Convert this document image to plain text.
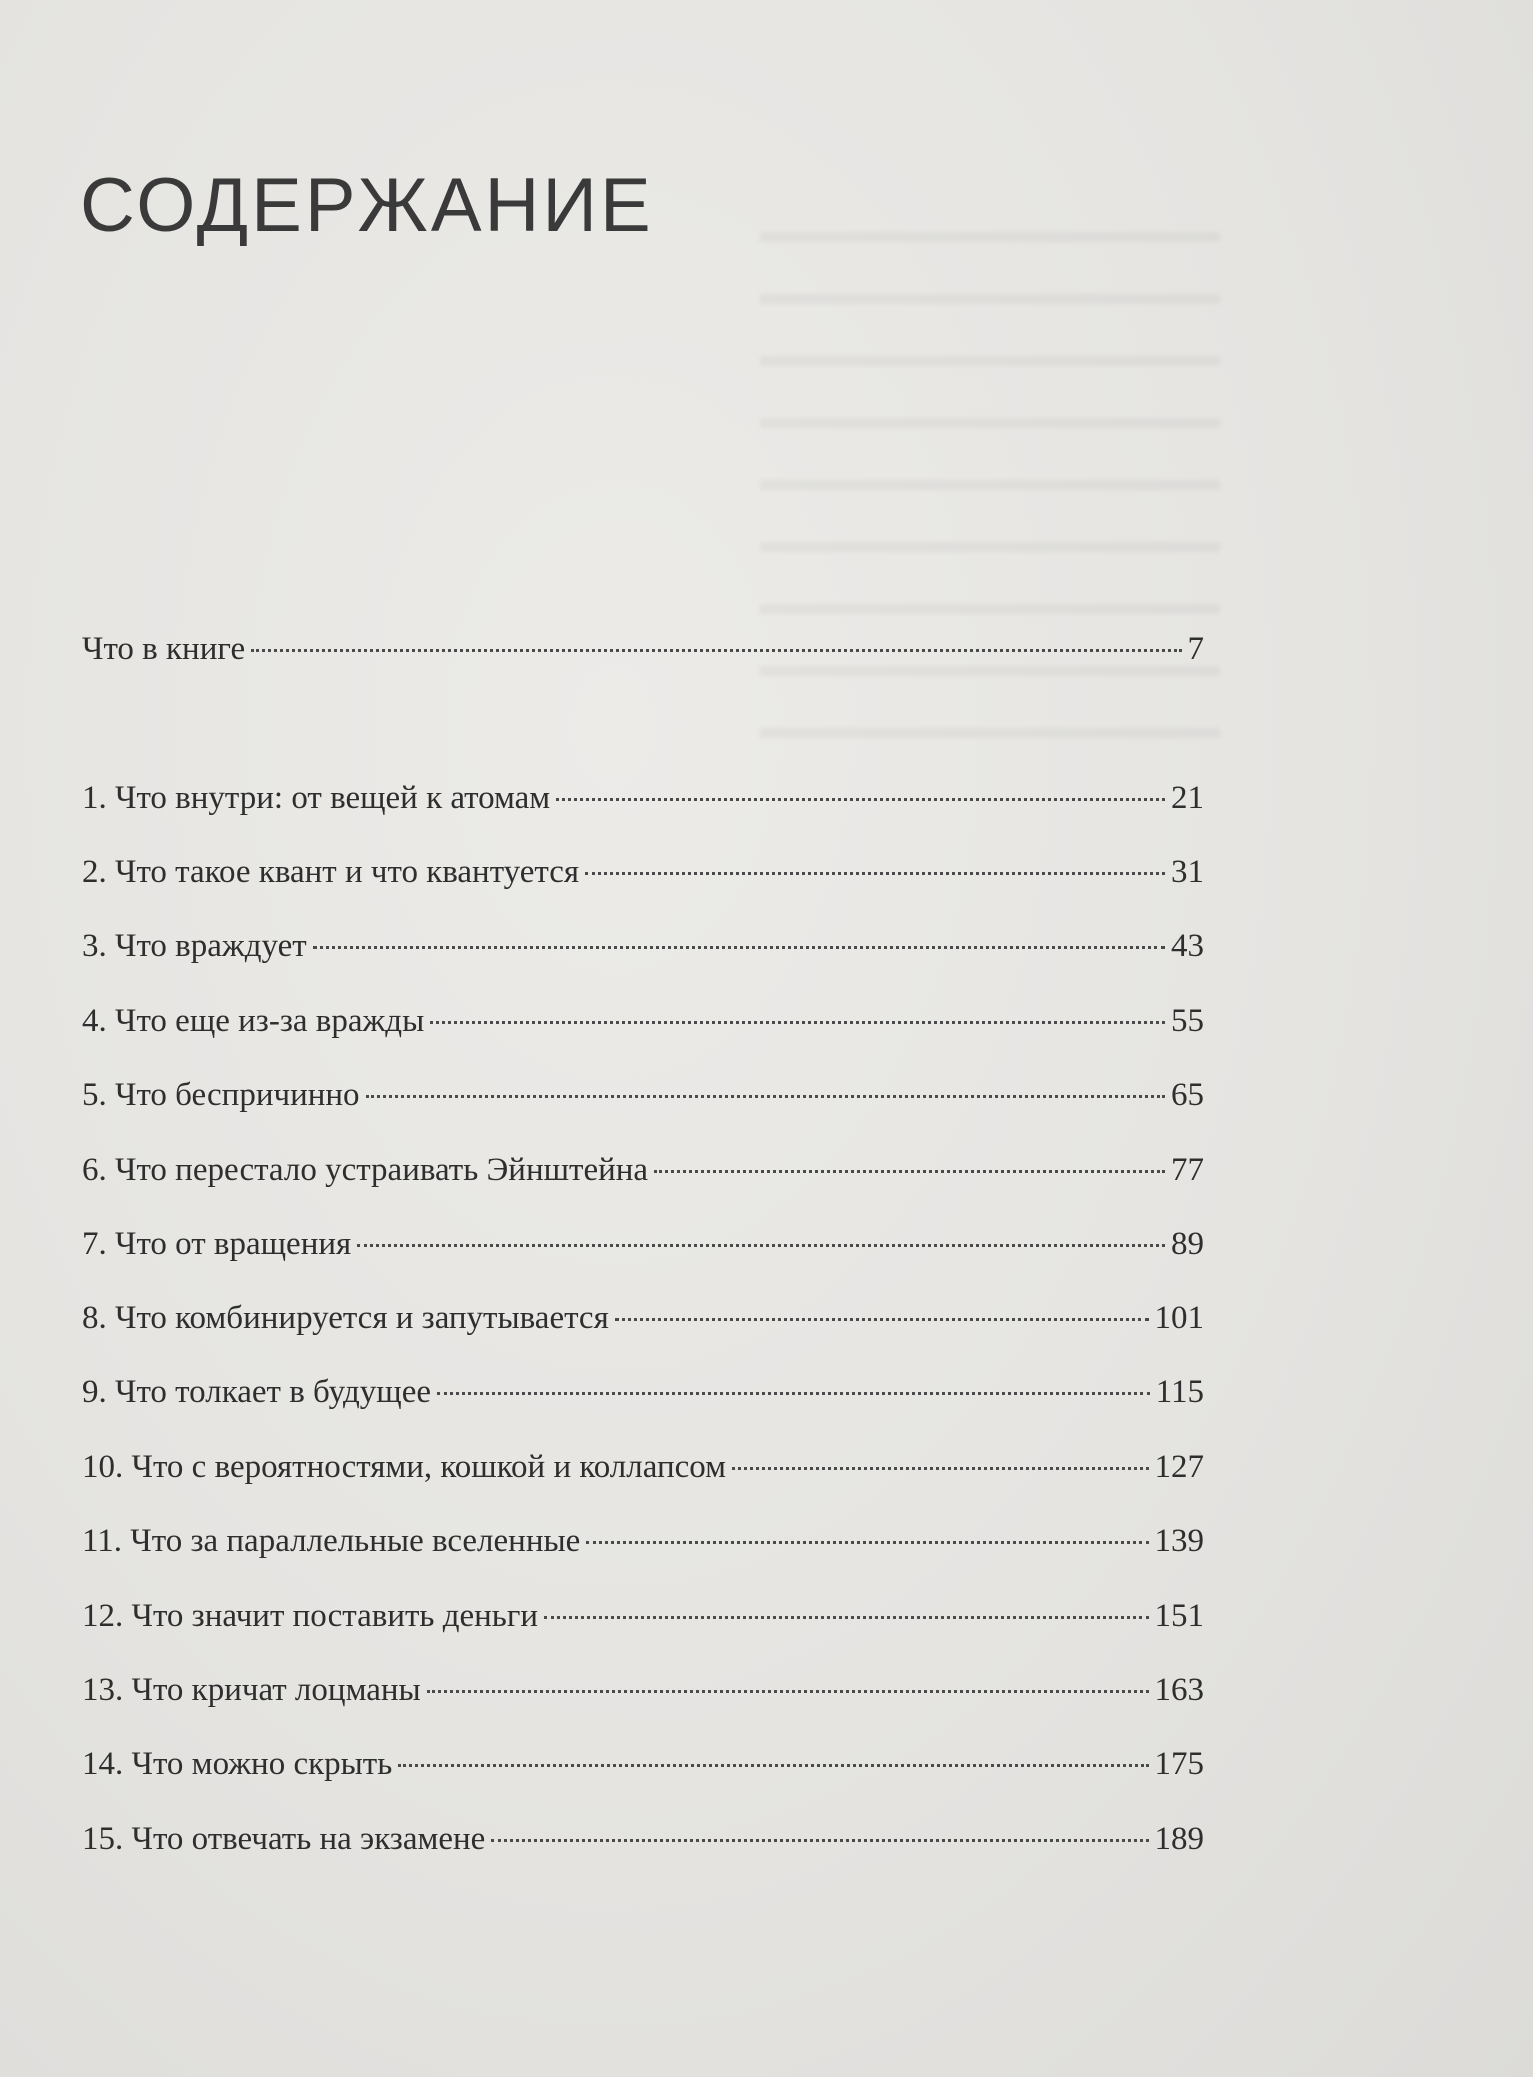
СОДЕРЖАНИЕ
Что в книге	7
1. Что внутри: от вещей к атомам	21
2. Что такое квант и что квантуется	31
3. Что враждует	43
4. Что еще из-за вражды	55
5. Что беспричинно	65
6. Что перестало устраивать Эйнштейна	77
7. Что от вращения	89
8. Что комбинируется и запутывается	101
9. Что толкает в будущее	115
10. Что с вероятностями, кошкой и коллапсом	127
11. Что за параллельные вселенные	139
12. Что значит поставить деньги	151
13. Что кричат лоцманы	163
14. Что можно скрыть	175
15. Что отвечать на экзамене	189
